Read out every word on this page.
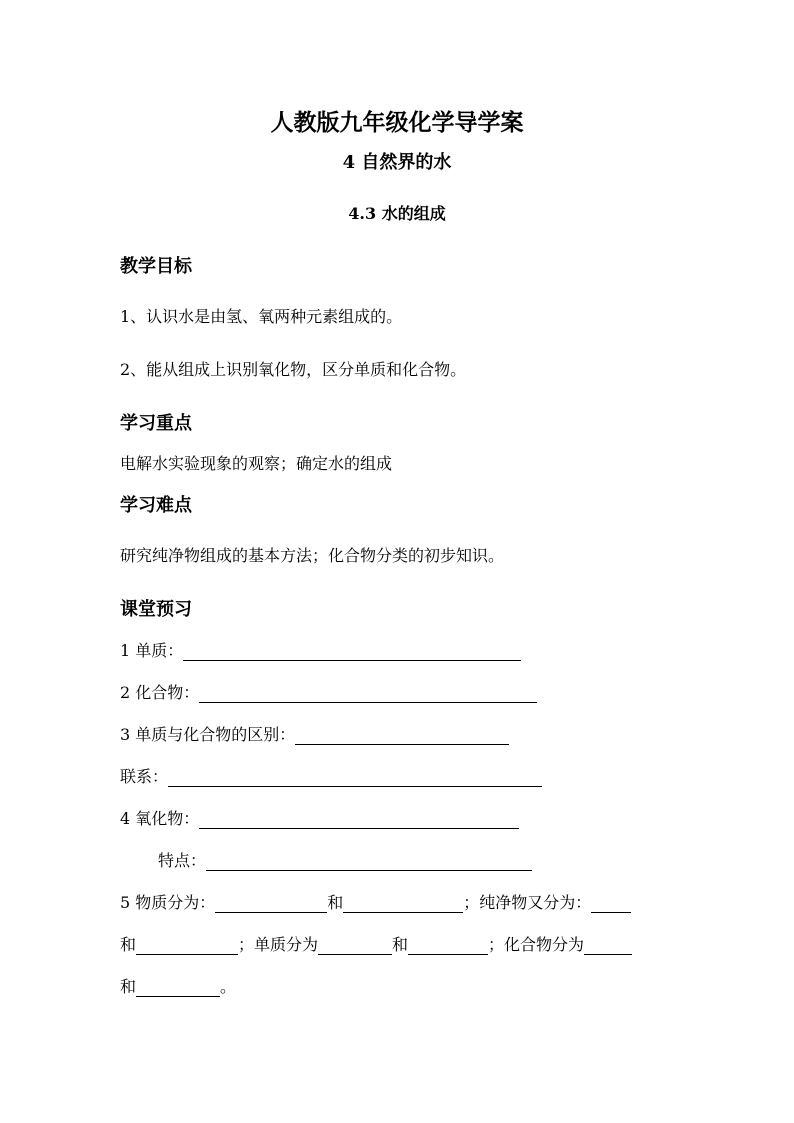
人教版九年级化学导学案
4 自然界的水
4.3 水的组成
教学目标
1、认识水是由氢、氧两种元素组成的。
2、能从组成上识别氧化物，区分单质和化合物。
学习重点
电解水实验现象的观察；确定水的组成
学习难点
研究纯净物组成的基本方法；化合物分类的初步知识。
课堂预习
1 单质：
2 化合物：
3 单质与化合物的区别：
联系：
4 氧化物：
特点：
5 物质分为：	和	；纯净物又分为：
和	；单质分为	和	；化合物分为
和	。
